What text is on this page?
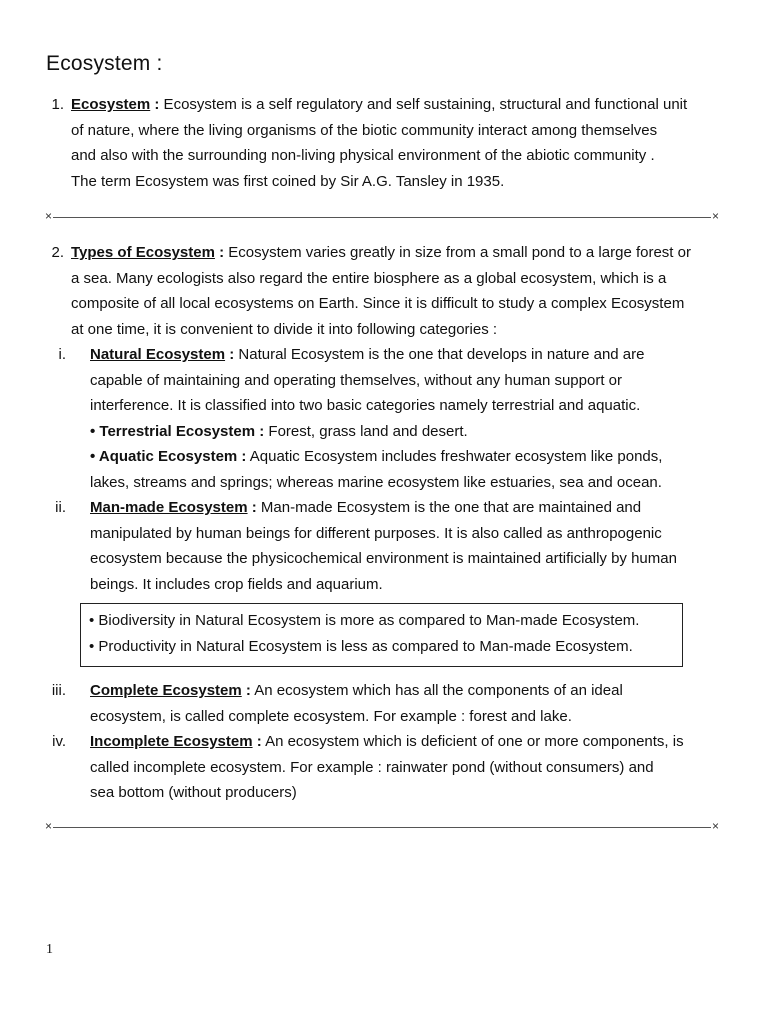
Ecosystem :
1. Ecosystem : Ecosystem is a self regulatory and self sustaining, structural and functional unit
of nature, where the living organisms of the biotic community interact among themselves
and also with the surrounding non-living physical environment of the abiotic community .
The term Ecosystem was first coined by Sir A.G. Tansley in 1935.
×	×
2. Types of Ecosystem : Ecosystem varies greatly in size from a small pond to a large forest or
a sea. Many ecologists also regard the entire biosphere as a global ecosystem, which is a
composite of all local ecosystems on Earth. Since it is difficult to study a complex Ecosystem
at one time, it is convenient to divide it into following categories :
i. Natural Ecosystem : Natural Ecosystem is the one that develops in nature and are
capable of maintaining and operating themselves, without any human support or
interference. It is classified into two basic categories namely terrestrial and aquatic.
• Terrestrial Ecosystem : Forest, grass land and desert.
• Aquatic Ecosystem : Aquatic Ecosystem includes freshwater ecosystem like ponds,
lakes, streams and springs; whereas marine ecosystem like estuaries, sea and ocean.
ii. Man-made Ecosystem : Man-made Ecosystem is the one that are maintained and
manipulated by human beings for different purposes. It is also called as anthropogenic
ecosystem because the physicochemical environment is maintained artificially by human
beings. It includes crop fields and aquarium.
• Biodiversity in Natural Ecosystem is more as compared to Man-made Ecosystem.
• Productivity in Natural Ecosystem is less as compared to Man-made Ecosystem.
iii. Complete Ecosystem : An ecosystem which has all the components of an ideal
ecosystem, is called complete ecosystem. For example : forest and lake.
iv. Incomplete Ecosystem : An ecosystem which is deficient of one or more components, is
called incomplete ecosystem. For example : rainwater pond (without consumers) and
sea bottom (without producers)
×	×
1
